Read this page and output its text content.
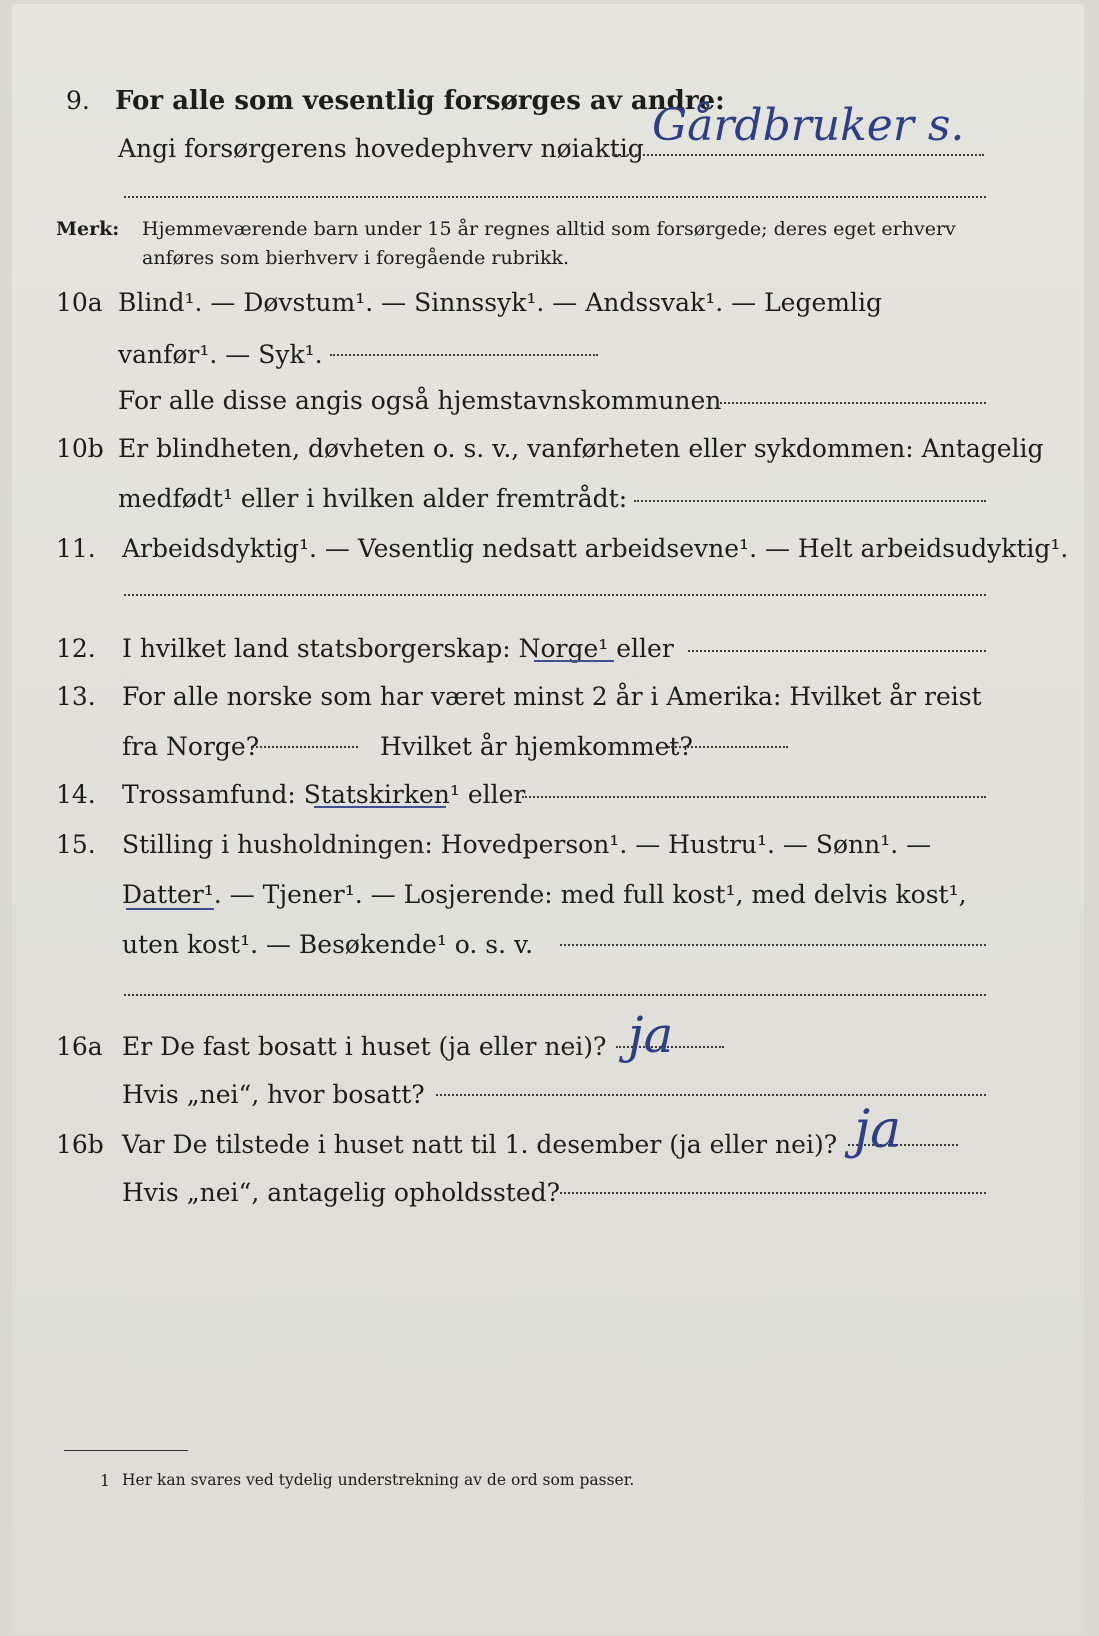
9. For alle som vesentlig forsørges av andre:
Angi forsørgerens hovedерhverv nøiaktig Gårdbruker s.
Merk: Hjemmeværende barn under 15 år regnes alltid som forsørgede; deres eget erhverv
anføres som bierhverv i foregående rubrikk.
10a Blind¹. — Døvstum¹. — Sinnssyk¹. — Andssvak¹. — Legemlig
vanfør¹. — Syk¹.
For alle disse angis også hjemstavnskommunen
10b Er blindheten, døvheten o. s. v., vanførheten eller sykdommen: Antagelig
medfødt¹ eller i hvilken alder fremtrådt:
11. Arbeidsdyktig¹. — Vesentlig nedsatt arbeidsevne¹. — Helt arbeidsudyktig¹.
12. I hvilket land statsborgerskap: Norge¹ eller
13. For alle norske som har været minst 2 år i Amerika: Hvilket år reist
fra Norge?	Hvilket år hjemkommet?
14. Trossamfund: Statskirken¹ eller
15. Stilling i husholdningen: Hovedperson¹. — Hustru¹. — Sønn¹. —
Datter¹. — Tjener¹. — Losjerende: med full kost¹, med delvis kost¹,
uten kost¹. — Besøkende¹ o. s. v.
16a Er De fast bosatt i huset (ja eller nei)? ja
Hvis „nei“, hvor bosatt?
16b Var De tilstede i huset natt til 1. desember (ja eller nei)? ja
Hvis „nei“, antagelig opholdssted?
1 Her kan svares ved tydelig understrekning av de ord som passer.
